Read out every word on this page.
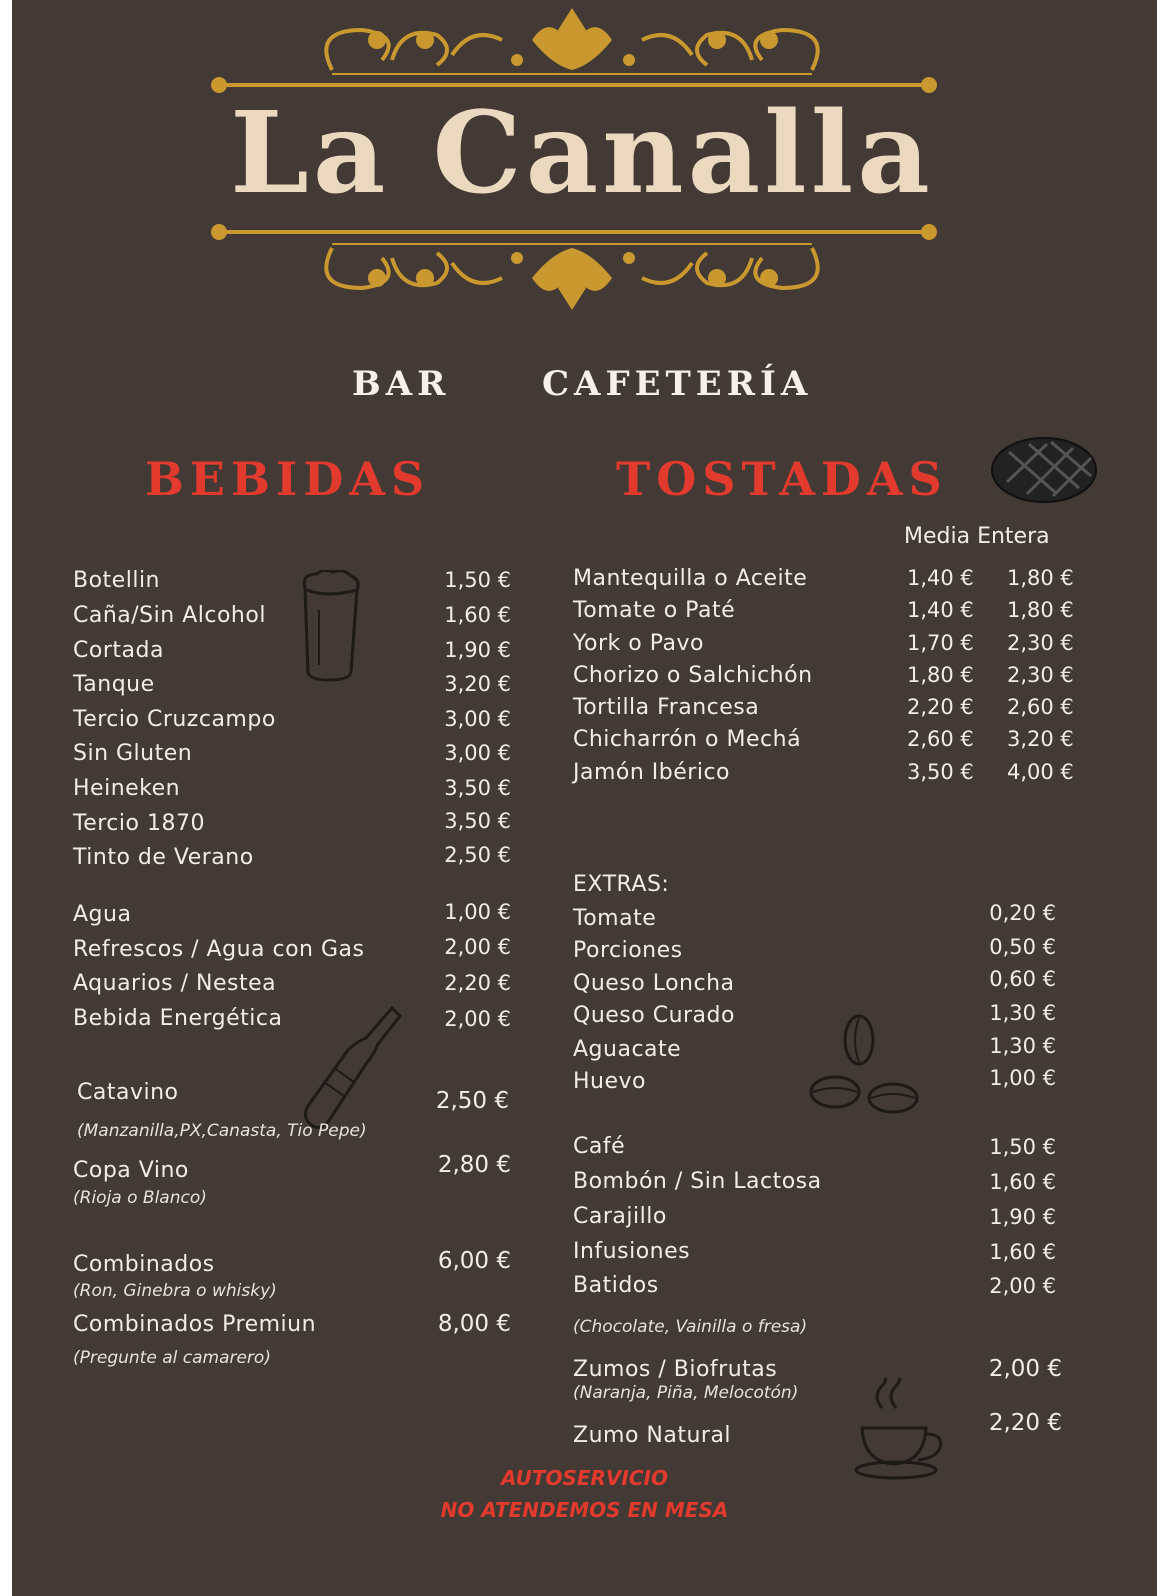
La Canalla
BAR	CAFETERÍA
BEBIDAS	TOSTADAS
Botellin	1,50 €
Caña/Sin Alcohol	1,60 €
Cortada	1,90 €
Tanque	3,20 €
Tercio Cruzcampo	3,00 €
Sin Gluten	3,00 €
Heineken	3,50 €
Tercio 1870	3,50 €
Tinto de Verano	2,50 €
Agua	1,00 €
Refrescos / Agua con Gas	2,00 €
Aquarios / Nestea	2,20 €
Bebida Energética	2,00 €
Catavino	2,50 €
(Manzanilla,PX,Canasta, Tio Pepe)
Copa Vino	2,80 €
(Rioja o Blanco)
Combinados	6,00 €
(Ron, Ginebra o whisky)
Combinados Premiun	8,00 €
(Pregunte al camarero)
Media Entera
Mantequilla o Aceite	1,40 € 1,80 €
Tomate o Paté	1,40 € 1,80 €
York o Pavo	1,70 € 2,30 €
Chorizo o Salchichón	1,80 € 2,30 €
Tortilla Francesa	2,20 € 2,60 €
Chicharrón o Mechá	2,60 € 3,20 €
Jamón Ibérico	3,50 € 4,00 €
EXTRAS:
Tomate	0,20 €
Porciones	0,50 €
Queso Loncha	0,60 €
Queso Curado	1,30 €
Aguacate	1,30 €
Huevo	1,00 €
Café	1,50 €
Bombón / Sin Lactosa	1,60 €
Carajillo	1,90 €
Infusiones	1,60 €
Batidos	2,00 €
(Chocolate, Vainilla o fresa)
Zumos / Biofrutas	2,00 €
(Naranja, Piña, Melocotón)
Zumo Natural	2,20 €
AUTOSERVICIO
NO ATENDEMOS EN MESA
